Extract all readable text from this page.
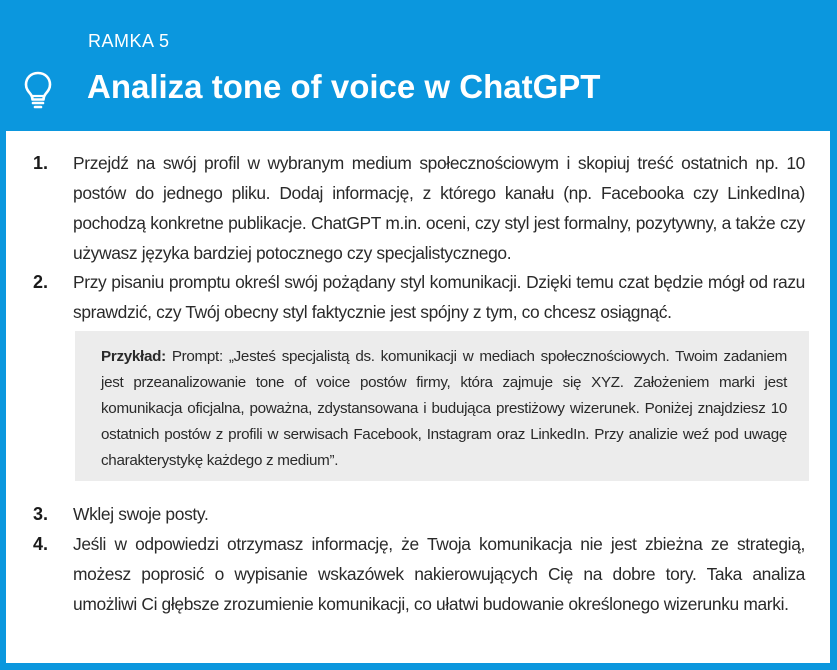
RAMKA 5
Analiza tone of voice w ChatGPT
1. Przejdź na swój profil w wybranym medium społecznościowym i skopiuj treść ostatnich np. 10 postów do jednego pliku. Dodaj informację, z którego kanału (np. Facebooka czy LinkedIna) pochodzą konkretne publikacje. ChatGPT m.in. oceni, czy styl jest formalny, pozytywny, a także czy używasz języka bardziej potocznego czy specjalistycznego.
2. Przy pisaniu promptu określ swój pożądany styl komunikacji. Dzięki temu czat będzie mógł od razu sprawdzić, czy Twój obecny styl faktycznie jest spójny z tym, co chcesz osiągnąć.
Przykład: Prompt: „Jesteś specjalistą ds. komunikacji w mediach społecznościowych. Twoim zadaniem jest przeanalizowanie tone of voice postów firmy, która zajmuje się XYZ. Założeniem marki jest komunikacja oficjalna, poważna, zdystansowana i budująca prestiżowy wizerunek. Poniżej znajdziesz 10 ostatnich postów z profili w serwisach Facebook, Instagram oraz LinkedIn. Przy analizie weź pod uwagę charakterystykę każdego z medium”.
3. Wklej swoje posty.
4. Jeśli w odpowiedzi otrzymasz informację, że Twoja komunikacja nie jest zbieżna ze strategią, możesz poprosić o wypisanie wskazówek nakierowujących Cię na dobre tory. Taka analiza umożliwi Ci głębsze zrozumienie komunikacji, co ułatwi budowanie określonego wizerunku marki.
